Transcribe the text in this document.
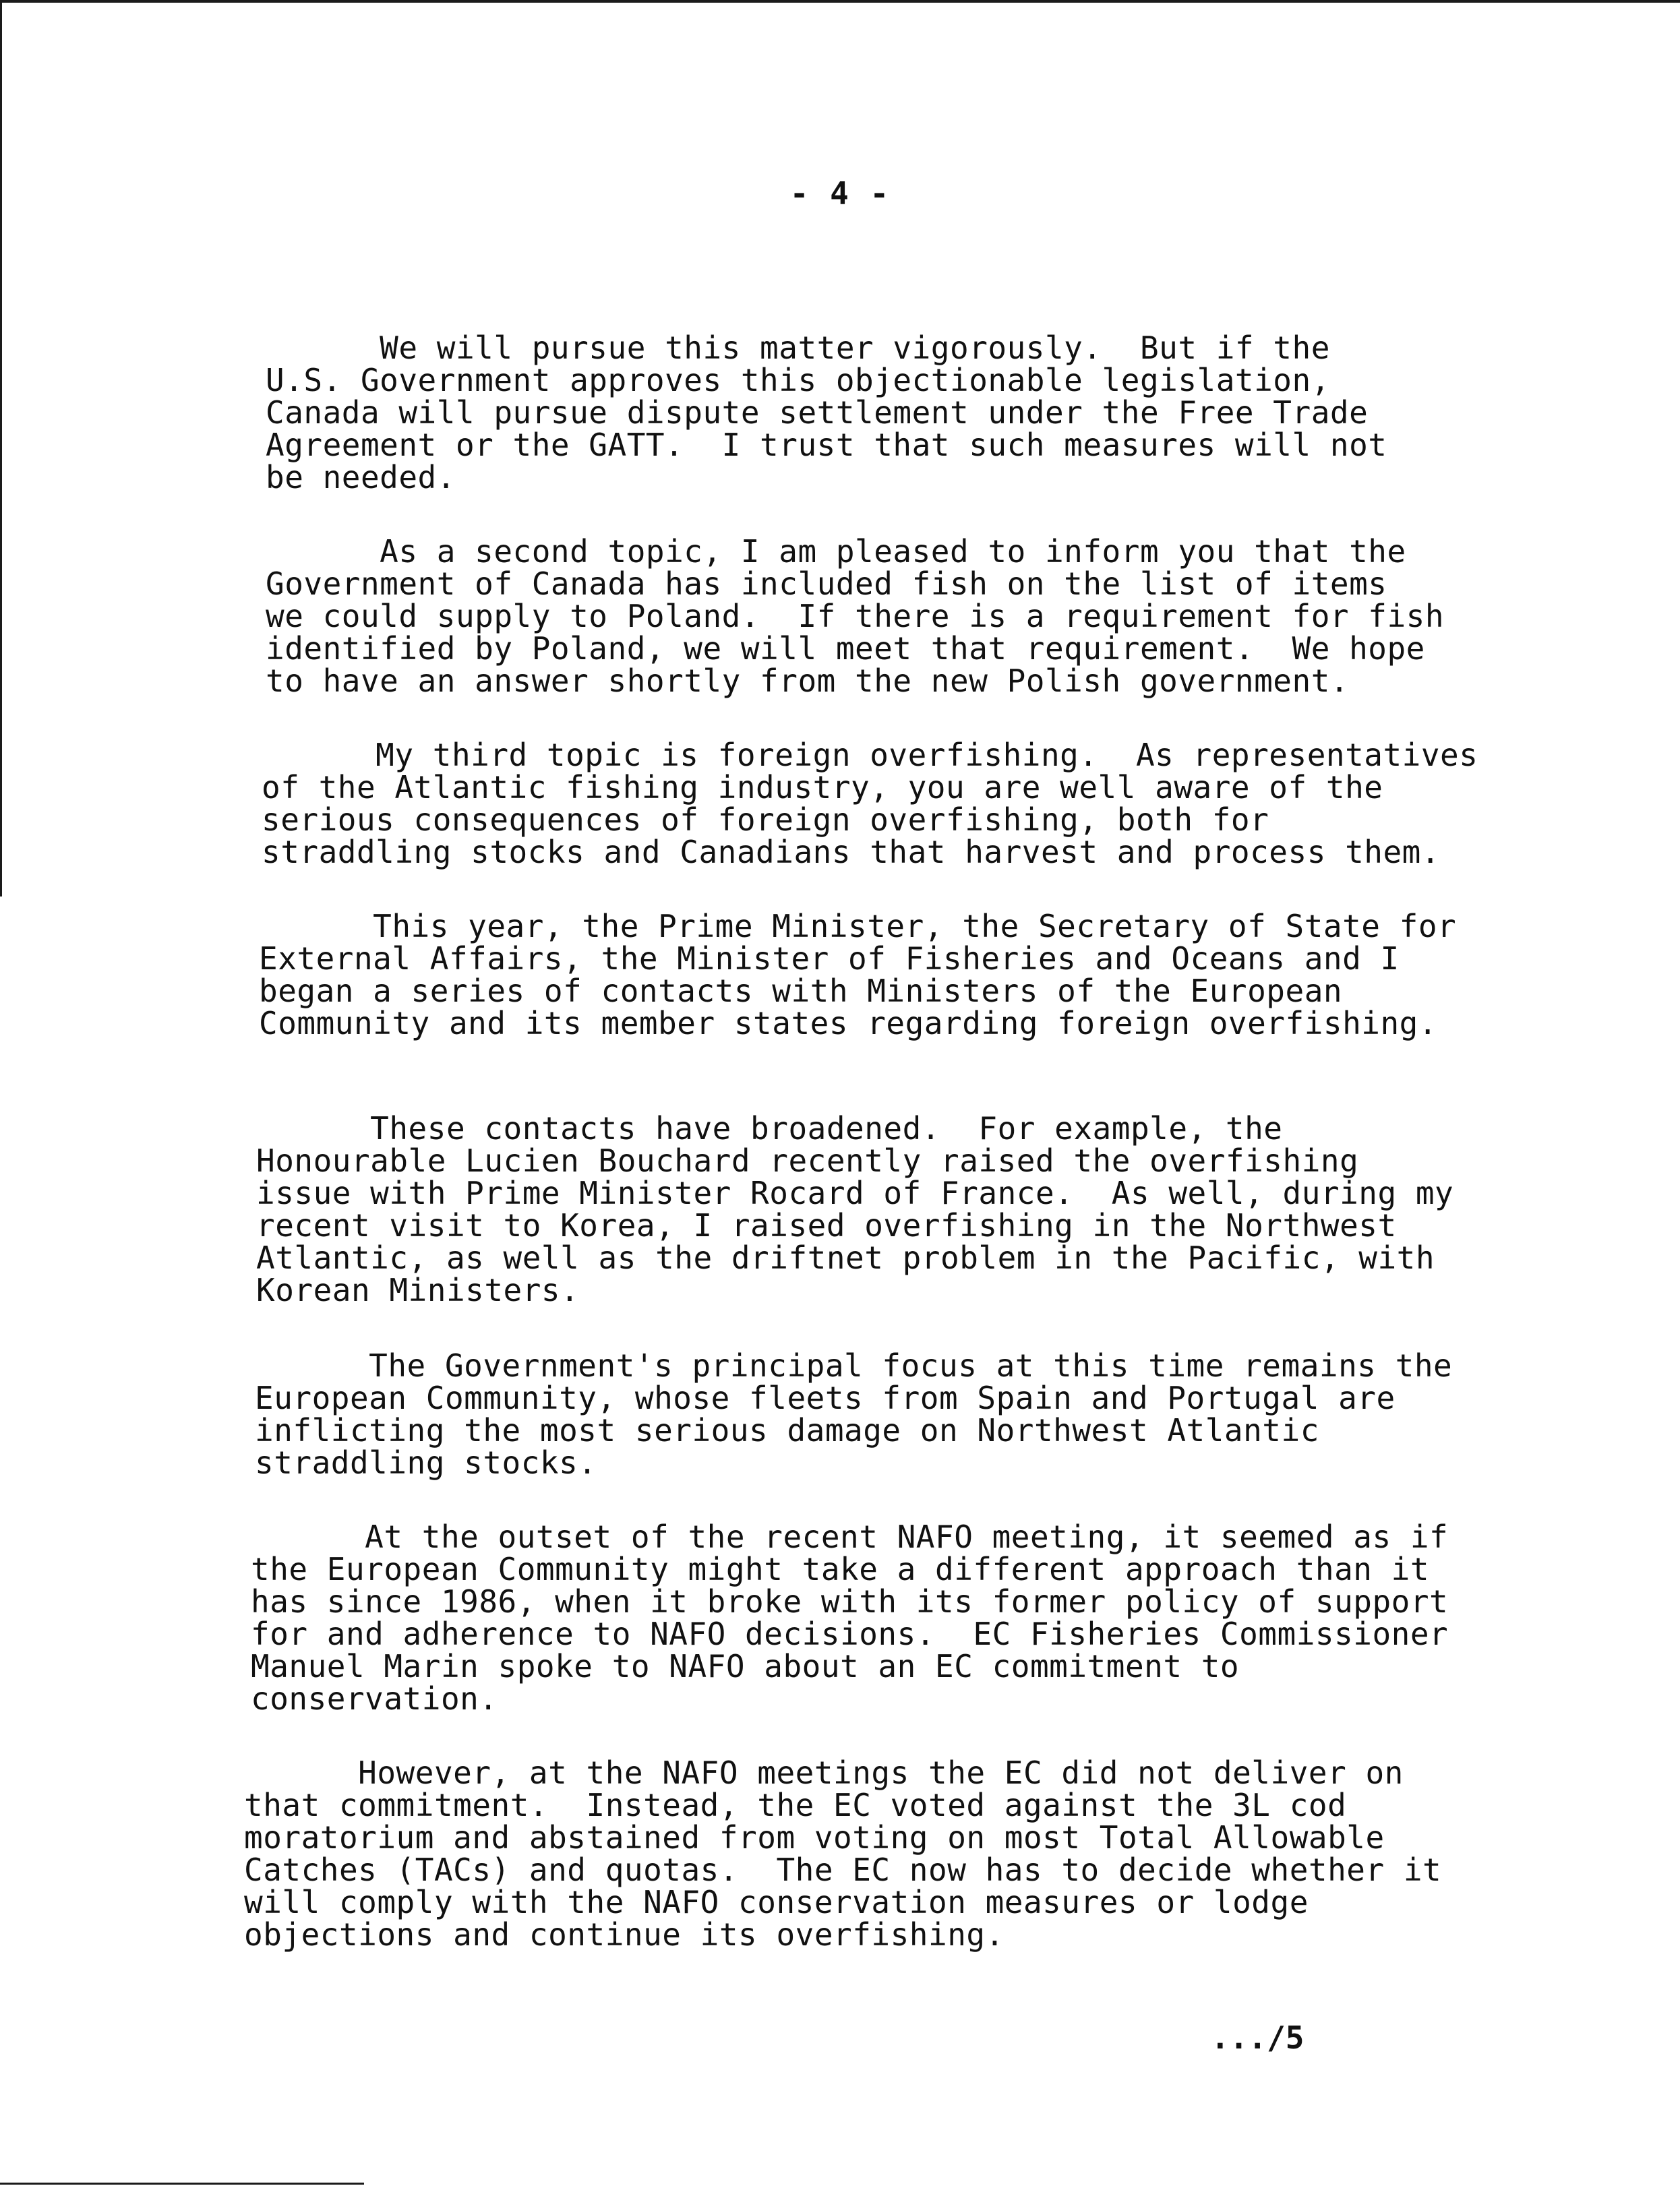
- 4 -
We will pursue this matter vigorously.  But if the
U.S. Government approves this objectionable legislation,
Canada will pursue dispute settlement under the Free Trade
Agreement or the GATT.  I trust that such measures will not
be needed.
As a second topic, I am pleased to inform you that the
Government of Canada has included fish on the list of items
we could supply to Poland.  If there is a requirement for fish
identified by Poland, we will meet that requirement.  We hope
to have an answer shortly from the new Polish government.
My third topic is foreign overfishing.  As representatives
of the Atlantic fishing industry, you are well aware of the
serious consequences of foreign overfishing, both for
straddling stocks and Canadians that harvest and process them.
This year, the Prime Minister, the Secretary of State for
External Affairs, the Minister of Fisheries and Oceans and I
began a series of contacts with Ministers of the European
Community and its member states regarding foreign overfishing.
These contacts have broadened.  For example, the
Honourable Lucien Bouchard recently raised the overfishing
issue with Prime Minister Rocard of France.  As well, during my
recent visit to Korea, I raised overfishing in the Northwest
Atlantic, as well as the driftnet problem in the Pacific, with
Korean Ministers.
The Government's principal focus at this time remains the
European Community, whose fleets from Spain and Portugal are
inflicting the most serious damage on Northwest Atlantic
straddling stocks.
At the outset of the recent NAFO meeting, it seemed as if
the European Community might take a different approach than it
has since 1986, when it broke with its former policy of support
for and adherence to NAFO decisions.  EC Fisheries Commissioner
Manuel Marin spoke to NAFO about an EC commitment to
conservation.
However, at the NAFO meetings the EC did not deliver on
that commitment.  Instead, the EC voted against the 3L cod
moratorium and abstained from voting on most Total Allowable
Catches (TACs) and quotas.  The EC now has to decide whether it
will comply with the NAFO conservation measures or lodge
objections and continue its overfishing.
.../5
